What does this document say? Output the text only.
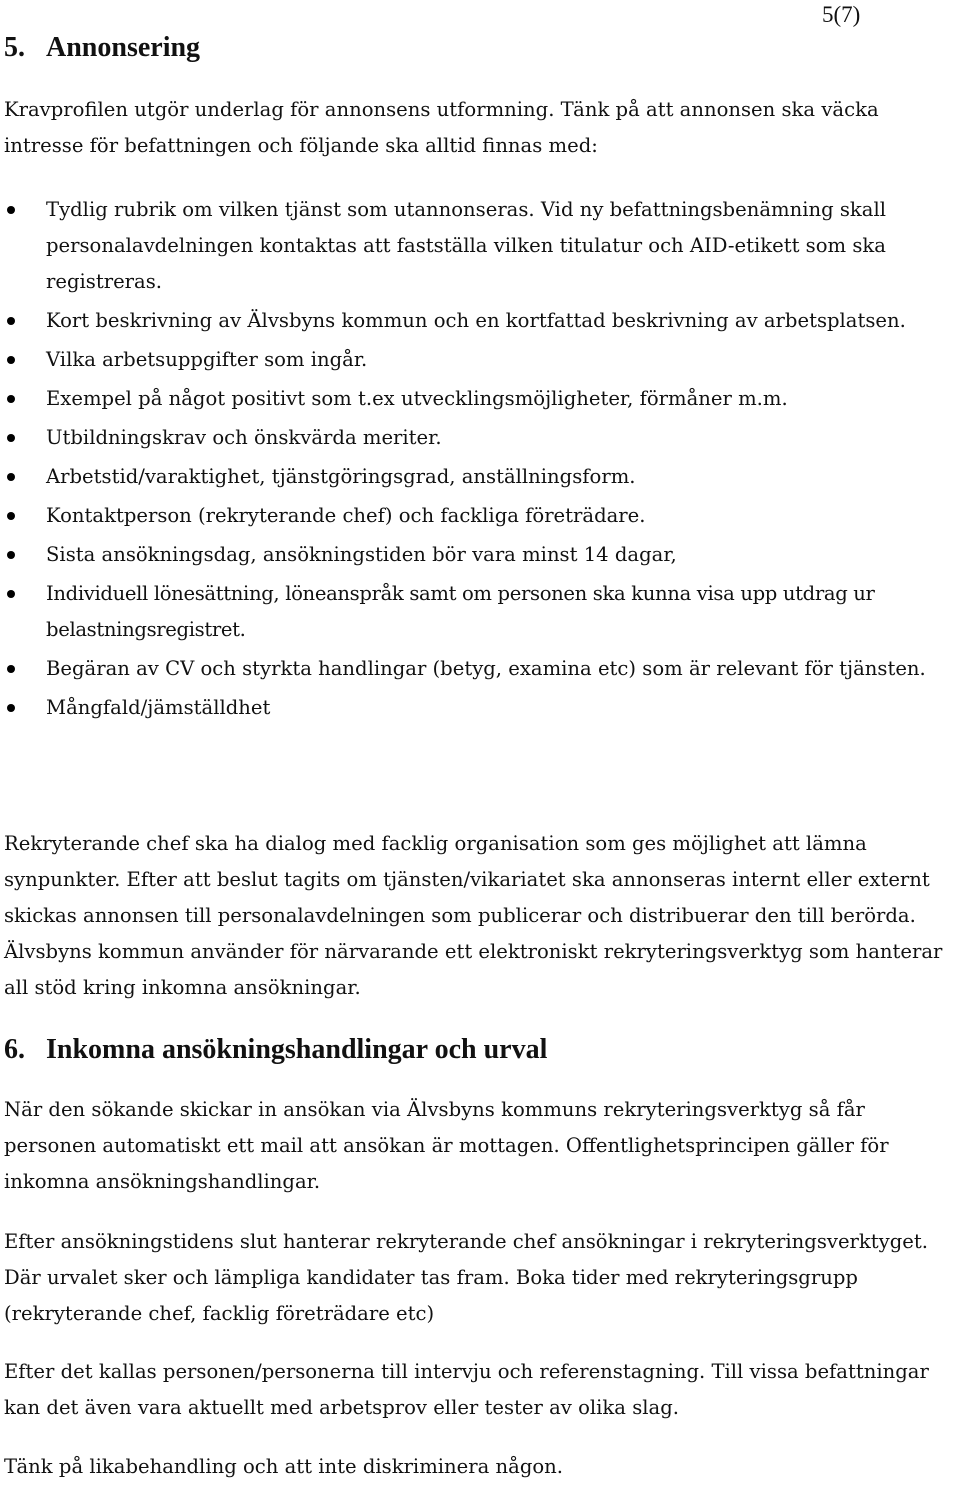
5(7)
5. Annonsering

Kravprofilen utgör underlag för annonsens utformning. Tänk på att annonsen ska väcka intresse för befattningen och följande ska alltid finnas med:

Tydlig rubrik om vilken tjänst som utannonseras. Vid ny befattningsbenämning skall personalavdelningen kontaktas att fastställa vilken titulatur och AID-etikett som ska registreras.
Kort beskrivning av Älvsbyns kommun och en kortfattad beskrivning av arbetsplatsen.
Vilka arbetsuppgifter som ingår.
Exempel på något positivt som t.ex utvecklingsmöjligheter, förmåner m.m.
Utbildningskrav och önskvärda meriter.
Arbetstid/varaktighet, tjänstgöringsgrad, anställningsform.
Kontaktperson (rekryterande chef) och fackliga företrädare.
Sista ansökningsdag, ansökningstiden bör vara minst 14 dagar,
Individuell lönesättning, löneanspråk samt om personen ska kunna visa upp utdrag ur belastningsregistret.
Begäran av CV och styrkta handlingar (betyg, examina etc) som är relevant för tjänsten.
Mångfald/jämställdhet

Rekryterande chef ska ha dialog med facklig organisation som ges möjlighet att lämna synpunkter. Efter att beslut tagits om tjänsten/vikariatet ska annonseras internt eller externt skickas annonsen till personalavdelningen som publicerar och distribuerar den till berörda. Älvsbyns kommun använder för närvarande ett elektroniskt rekryteringsverktyg som hanterar all stöd kring inkomna ansökningar.

6. Inkomna ansökningshandlingar och urval

När den sökande skickar in ansökan via Älvsbyns kommuns rekryteringsverktyg så får personen automatiskt ett mail att ansökan är mottagen. Offentlighetsprincipen gäller för inkomna ansökningshandlingar.

Efter ansökningstidens slut hanterar rekryterande chef ansökningar i rekryteringsverktyget. Där urvalet sker och lämpliga kandidater tas fram. Boka tider med rekryteringsgrupp (rekryterande chef, facklig företrädare etc)

Efter det kallas personen/personerna till intervju och referenstagning. Till vissa befattningar kan det även vara aktuellt med arbetsprov eller tester av olika slag.

Tänk på likabehandling och att inte diskriminera någon.
